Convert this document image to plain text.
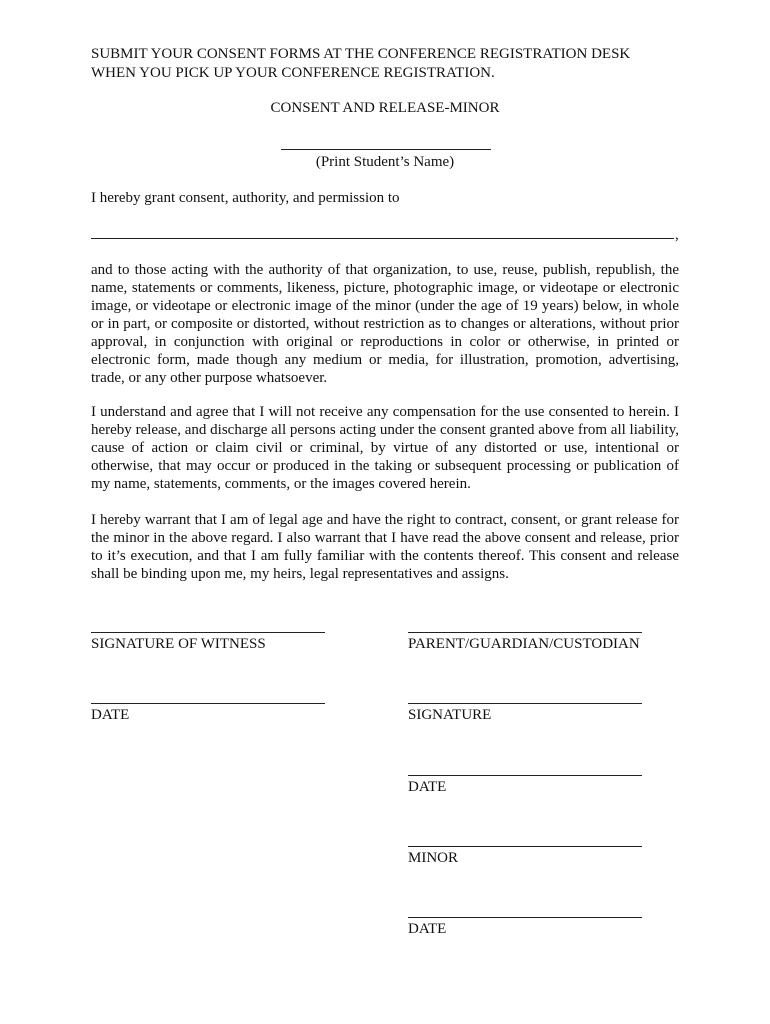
SUBMIT YOUR CONSENT FORMS AT THE CONFERENCE REGISTRATION DESK
WHEN YOU PICK UP YOUR CONFERENCE REGISTRATION.
CONSENT AND RELEASE-MINOR
(Print Student’s Name)
I hereby grant consent, authority, and permission to
,

and to those acting with the authority of that organization, to use, reuse, publish, republish, the name, statements or comments, likeness, picture, photographic image, or videotape or electronic image, or videotape or electronic image of the minor (under the age of 19 years) below, in whole or in part, or composite or distorted, without restriction as to changes or alterations, without prior approval, in conjunction with original or reproductions in color or otherwise, in printed or electronic form, made though any medium or media, for illustration, promotion, advertising, trade, or any other purpose whatsoever.

I understand and agree that I will not receive any compensation for the use consented to herein. I hereby release, and discharge all persons acting under the consent granted above from all liability, cause of action or claim civil or criminal, by virtue of any distorted or use, intentional or otherwise, that may occur or produced in the taking or subsequent processing or publication of my name, statements, comments, or the images covered herein.

I hereby warrant that I am of legal age and have the right to contract, consent, or grant release for the minor in the above regard. I also warrant that I have read the above consent and release, prior to it’s execution, and that I am fully familiar with the contents thereof. This consent and release shall be binding upon me, my heirs, legal representatives and assigns.

SIGNATURE OF WITNESS
DATE
PARENT/GUARDIAN/CUSTODIAN
SIGNATURE
DATE
MINOR
DATE
